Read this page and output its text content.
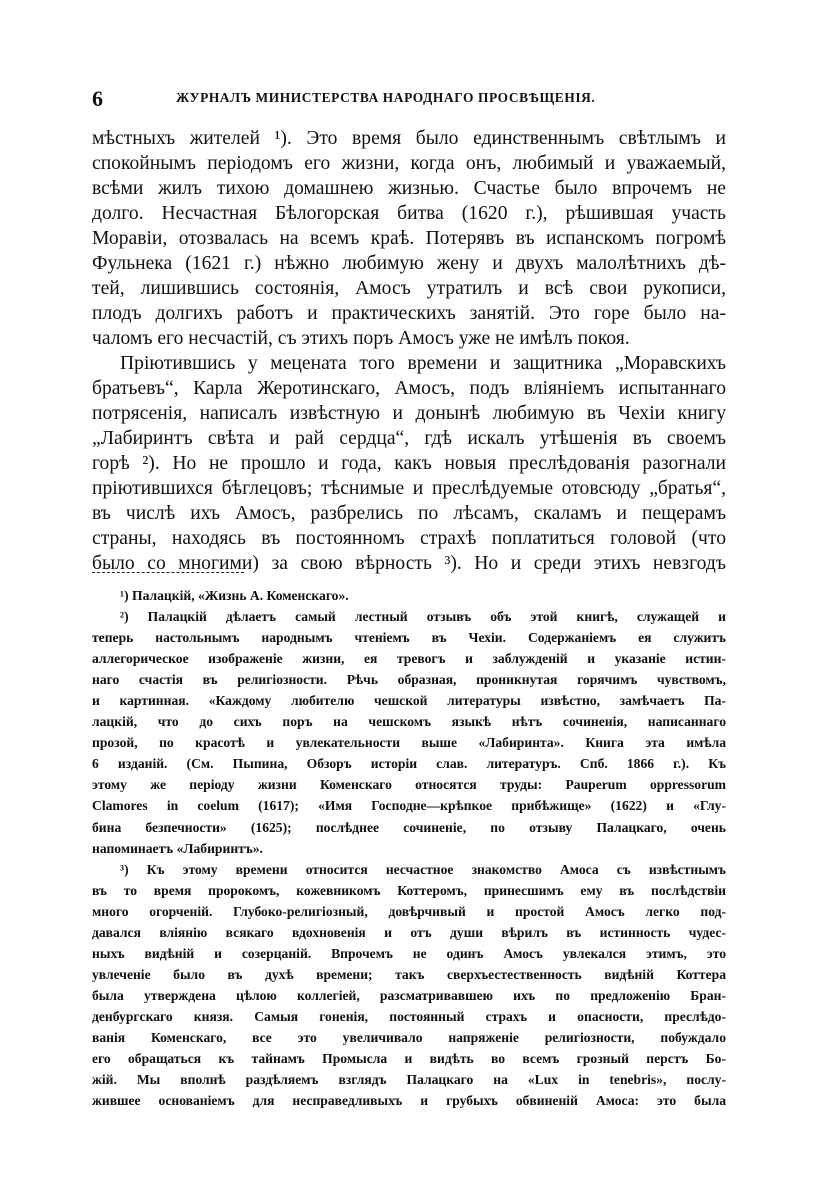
6	ЖУРНАЛЪ МИНИСТЕРСТВА НАРОДНАГО ПРОСВѢЩЕНІЯ.
мѣстныхъ жителей ¹). Это время было единственнымъ свѣтлымъ и
спокойнымъ періодомъ его жизни, когда онъ, любимый и уважаемый,
всѣми жилъ тихою домашнею жизнью. Счастье было впрочемъ не
долго. Несчастная Бѣлогорская битва (1620 г.), рѣшившая участь
Моравіи, отозвалась на всемъ краѣ. Потерявъ въ испанскомъ погромѣ
Фульнека (1621 г.) нѣжно любимую жену и двухъ малолѣтнихъ дѣ-
тей, лишившись состоянія, Амосъ утратилъ и всѣ свои рукописи,
плодъ долгихъ работъ и практическихъ занятій. Это горе было на-
чаломъ его несчастій, съ этихъ поръ Амосъ уже не имѣлъ покоя.
Пріютившись у мецената того времени и защитника „Моравскихъ
братьевъ“, Карла Жеротинскаго, Амосъ, подъ вліяніемъ испытаннаго
потрясенія, написалъ извѣстную и донынѣ любимую въ Чехіи книгу
„Лабиринтъ свѣта и рай сердца“, гдѣ искалъ утѣшенія въ своемъ
горѣ ²). Но не прошло и года, какъ новыя преслѣдованія разогнали
пріютившихся бѣглецовъ; тѣснимые и преслѣдуемые отовсюду „братья“,
въ числѣ ихъ Амосъ, разбрелись по лѣсамъ, скаламъ и пещерамъ
страны, находясь въ постоянномъ страхѣ поплатиться головой (что
было со многими) за свою вѣрность ³). Но и среди этихъ невзгодъ
¹) Палацкій, «Жизнь А. Коменскаго».
²) Палацкій дѣлаетъ самый лестный отзывъ объ этой книгѣ, служащей и
теперь настольнымъ народнымъ чтеніемъ въ Чехіи. Содержаніемъ ея служитъ
аллегорическое изображеніе жизни, ея тревогъ и заблужденій и указаніе истин-
наго счастія въ религіозности. Рѣчь образная, проникнутая горячимъ чувствомъ,
и картинная. «Каждому любителю чешской литературы извѣстно, замѣчаетъ Па-
лацкій, что до сихъ поръ на чешскомъ языкѣ нѣтъ сочиненія, написаннаго
прозой, по красотѣ и увлекательности выше «Лабиринта». Книга эта имѣла
6 изданій. (См. Пыпина, Обзоръ исторіи слав. литературъ. Спб. 1866 г.). Къ
этому же періоду жизни Коменскаго относятся труды: Pauperum oppressorum
Clamores in coelum (1617); «Имя Господне—крѣпкое прибѣжище» (1622) и «Глу-
бина безпечности» (1625); послѣднее сочиненіе, по отзыву Палацкаго, очень
напоминаетъ «Лабиринтъ».
³) Къ этому времени относится несчастное знакомство Амоса съ извѣстнымъ
въ то время пророкомъ, кожевникомъ Коттеромъ, принесшимъ ему въ послѣдствіи
много огорченій. Глубоко-религіозный, довѣрчивый и простой Амосъ легко под-
давался вліянію всякаго вдохновенія и отъ души вѣрилъ въ истинность чудес-
ныхъ видѣній и созерцаній. Впрочемъ не одинъ Амосъ увлекался этимъ, это
увлеченіе было въ духѣ времени; такъ сверхъестественность видѣній Коттера
была утверждена цѣлою коллегіей, разсматривавшею ихъ по предложенію Бран-
денбургскаго князя. Самыя гоненія, постоянный страхъ и опасности, преслѣдо-
ванія Коменскаго, все это увеличивало напряженіе религіозности, побуждало
его обращаться къ тайнамъ Промысла и видѣть во всемъ грозный перстъ Бо-
жій. Мы вполнѣ раздѣляемъ взглядъ Палацкаго на «Lux in tenebris», послу-
жившее основаніемъ для несправедливыхъ и грубыхъ обвиненій Амоса: это была
